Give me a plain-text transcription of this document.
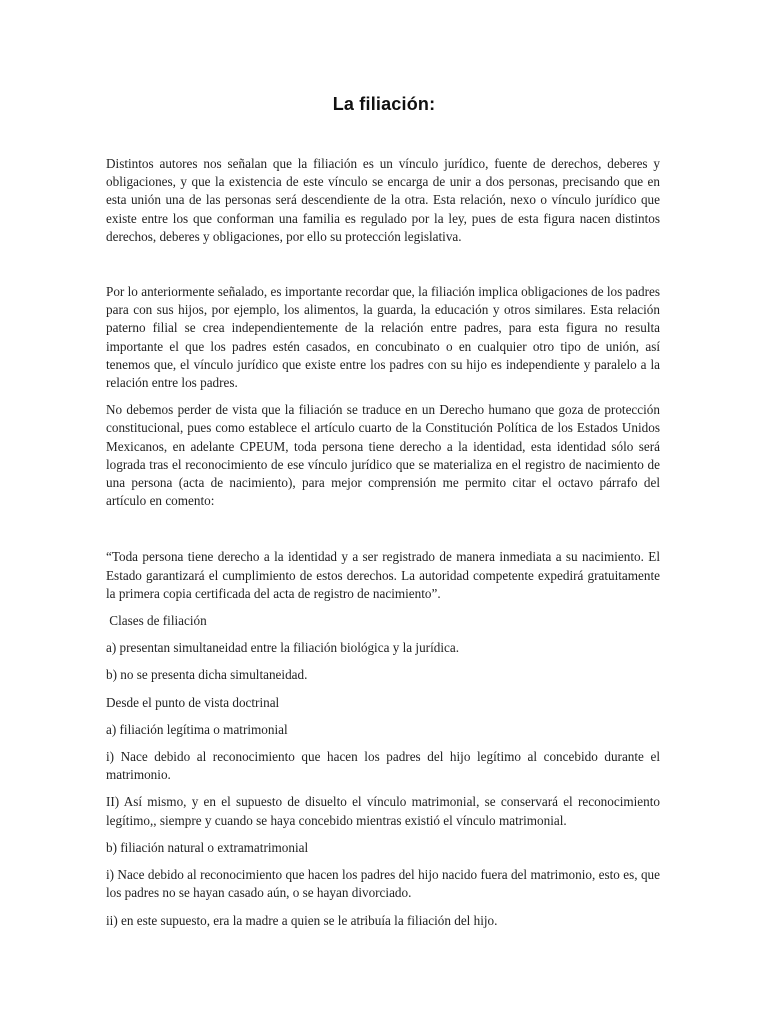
La filiación:

Distintos autores nos señalan que la filiación es un vínculo jurídico, fuente de derechos, deberes y obligaciones, y que la existencia de este vínculo se encarga de unir a dos personas, precisando que en esta unión una de las personas será descendiente de la otra. Esta relación, nexo o vínculo jurídico que existe entre los que conforman una familia es regulado por la ley, pues de esta figura nacen distintos derechos, deberes y obligaciones, por ello su protección legislativa.

Por lo anteriormente señalado, es importante recordar que, la filiación implica obligaciones de los padres para con sus hijos, por ejemplo, los alimentos, la guarda, la educación y otros similares. Esta relación paterno filial se crea independientemente de la relación entre padres, para esta figura no resulta importante el que los padres estén casados, en concubinato o en cualquier otro tipo de unión, así tenemos que, el vínculo jurídico que existe entre los padres con su hijo es independiente y paralelo a la relación entre los padres.

No debemos perder de vista que la filiación se traduce en un Derecho humano que goza de protección constitucional, pues como establece el artículo cuarto de la Constitución Política de los Estados Unidos Mexicanos, en adelante CPEUM, toda persona tiene derecho a la identidad, esta identidad sólo será lograda tras el reconocimiento de ese vínculo jurídico que se materializa en el registro de nacimiento de una persona (acta de nacimiento), para mejor comprensión me permito citar el octavo párrafo del artículo en comento:

“Toda persona tiene derecho a la identidad y a ser registrado de manera inmediata a su nacimiento. El Estado garantizará el cumplimiento de estos derechos. La autoridad competente expedirá gratuitamente la primera copia certificada del acta de registro de nacimiento”.

Clases de filiación

a) presentan simultaneidad entre la filiación biológica y la jurídica.

b) no se presenta dicha simultaneidad.

Desde el punto de vista doctrinal

a) filiación legítima o matrimonial

i) Nace debido al reconocimiento que hacen los padres del hijo legítimo al concebido durante el matrimonio.

II) Así mismo, y en el supuesto de disuelto el vínculo matrimonial, se conservará el reconocimiento legítimo,, siempre y cuando se haya concebido mientras existió el vínculo matrimonial.

b) filiación natural o extramatrimonial

i) Nace debido al reconocimiento que hacen los padres del hijo nacido fuera del matrimonio, esto es, que los padres no se hayan casado aún, o se hayan divorciado.

ii) en este supuesto, era la madre a quien se le atribuía la filiación del hijo.
